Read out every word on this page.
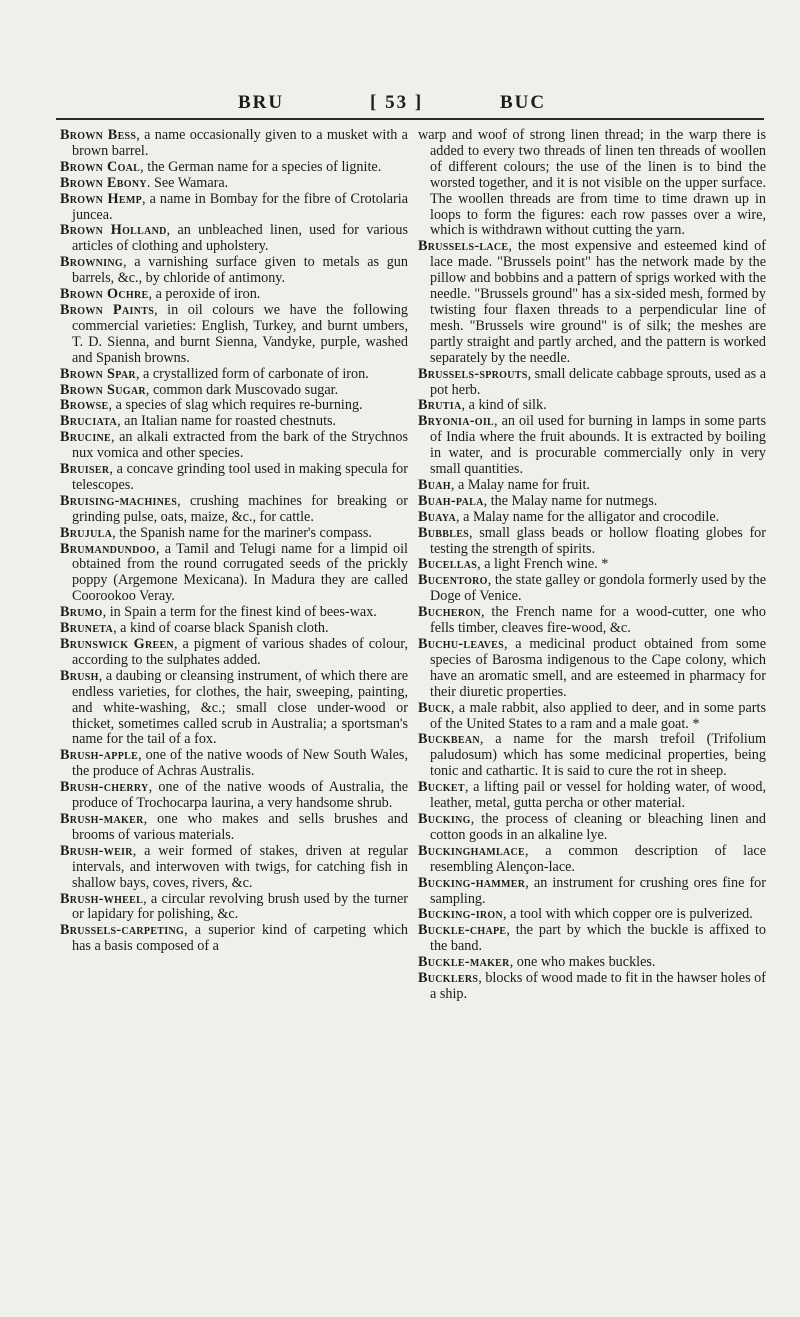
BRU	[ 53 ]	BUC
Brown Bess, a name occasionally given to a musket with a brown barrel.
Brown Coal, the German name for a species of lignite.
Brown Ebony. See Wamara.
Brown Hemp, a name in Bombay for the fibre of Crotolaria juncea.
Brown Holland, an unbleached linen, used for various articles of clothing and upholstery.
Browning, a varnishing surface given to metals as gun barrels, &c., by chloride of antimony.
Brown Ochre, a peroxide of iron.
Brown Paints, in oil colours we have the following commercial varieties: English, Turkey, and burnt umbers, T. D. Sienna, and burnt Sienna, Vandyke, purple, washed and Spanish browns.
Brown Spar, a crystallized form of carbonate of iron.
Brown Sugar, common dark Muscovado sugar.
Browse, a species of slag which requires re-burning.
Bruciata, an Italian name for roasted chestnuts.
Brucine, an alkali extracted from the bark of the Strychnos nux vomica and other species.
Bruiser, a concave grinding tool used in making specula for telescopes.
Bruising-machines, crushing machines for breaking or grinding pulse, oats, maize, &c., for cattle.
Brujula, the Spanish name for the mariner's compass.
Brumandundoo, a Tamil and Telugi name for a limpid oil obtained from the round corrugated seeds of the prickly poppy (Argemone Mexicana). In Madura they are called Coorookoo Veray.
Brumo, in Spain a term for the finest kind of bees-wax.
Bruneta, a kind of coarse black Spanish cloth.
Brunswick Green, a pigment of various shades of colour, according to the sulphates added.
Brush, a daubing or cleansing instrument, of which there are endless varieties, for clothes, the hair, sweeping, painting, and white-washing, &c.; small close under-wood or thicket, sometimes called scrub in Australia; a sportsman's name for the tail of a fox.
Brush-apple, one of the native woods of New South Wales, the produce of Achras Australis.
Brush-cherry, one of the native woods of Australia, the produce of Trochocarpa laurina, a very handsome shrub.
Brush-maker, one who makes and sells brushes and brooms of various materials.
Brush-weir, a weir formed of stakes, driven at regular intervals, and interwoven with twigs, for catching fish in shallow bays, coves, rivers, &c.
Brush-wheel, a circular revolving brush used by the turner or lapidary for polishing, &c.
Brussels-carpeting, a superior kind of carpeting which has a basis composed of a
warp and woof of strong linen thread; in the warp there is added to every two threads of linen ten threads of woollen of different colours; the use of the linen is to bind the worsted together, and it is not visible on the upper surface. The woollen threads are from time to time drawn up in loops to form the figures: each row passes over a wire, which is withdrawn without cutting the yarn.
Brussels-lace, the most expensive and esteemed kind of lace made. "Brussels point" has the network made by the pillow and bobbins and a pattern of sprigs worked with the needle. "Brussels ground" has a six-sided mesh, formed by twisting four flaxen threads to a perpendicular line of mesh. "Brussels wire ground" is of silk; the meshes are partly straight and partly arched, and the pattern is worked separately by the needle.
Brussels-sprouts, small delicate cabbage sprouts, used as a pot herb.
Brutia, a kind of silk.
Bryonia-oil, an oil used for burning in lamps in some parts of India where the fruit abounds. It is extracted by boiling in water, and is procurable commercially only in very small quantities.
Buah, a Malay name for fruit.
Buah-pala, the Malay name for nutmegs.
Buaya, a Malay name for the alligator and crocodile.
Bubbles, small glass beads or hollow floating globes for testing the strength of spirits.
Bucellas, a light French wine. *
Bucentoro, the state galley or gondola formerly used by the Doge of Venice.
Bucheron, the French name for a wood-cutter, one who fells timber, cleaves fire-wood, &c.
Buchu-leaves, a medicinal product obtained from some species of Barosma indigenous to the Cape colony, which have an aromatic smell, and are esteemed in pharmacy for their diuretic properties.
Buck, a male rabbit, also applied to deer, and in some parts of the United States to a ram and a male goat. *
Buckbean, a name for the marsh trefoil (Trifolium paludosum) which has some medicinal properties, being tonic and cathartic. It is said to cure the rot in sheep.
Bucket, a lifting pail or vessel for holding water, of wood, leather, metal, gutta percha or other material.
Bucking, the process of cleaning or bleaching linen and cotton goods in an alkaline lye.
Buckinghamlace, a common description of lace resembling Alençon-lace.
Bucking-hammer, an instrument for crushing ores fine for sampling.
Bucking-iron, a tool with which copper ore is pulverized.
Buckle-chape, the part by which the buckle is affixed to the band.
Buckle-maker, one who makes buckles.
Bucklers, blocks of wood made to fit in the hawser holes of a ship.
